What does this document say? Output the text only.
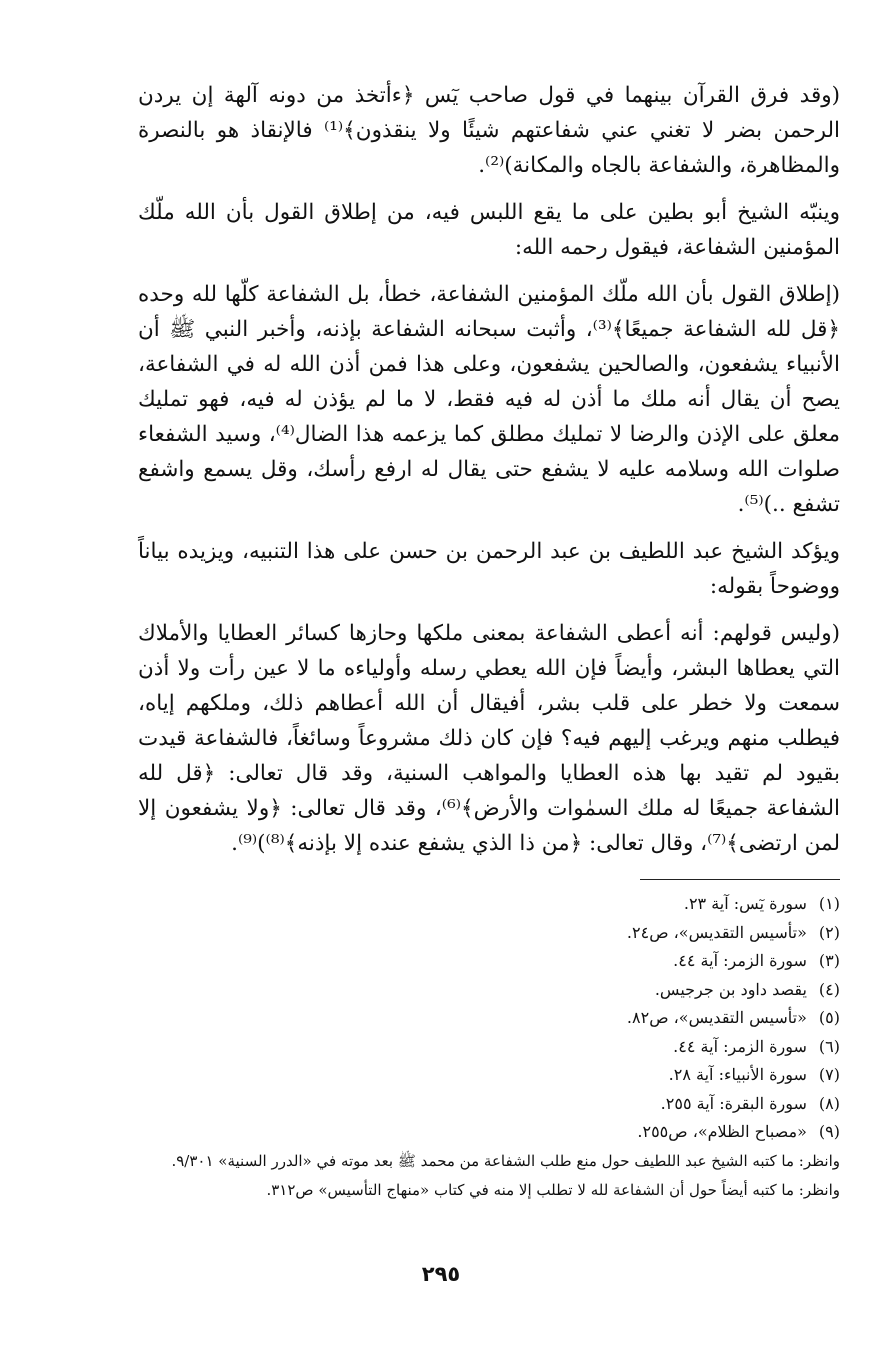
(وقد فرق القرآن بينهما في قول صاحب يٓس ﴿ءأتخذ من دونه آلهة إن يردن الرحمن بضر لا تغني عني شفاعتهم شيئًا ولا ينقذون﴾⁽¹⁾ فالإنقاذ هو بالنصرة والمظاهرة، والشفاعة بالجاه والمكانة)⁽²⁾.

وينبّه الشيخ أبو بطين على ما يقع اللبس فيه، من إطلاق القول بأن الله ملّك المؤمنين الشفاعة، فيقول رحمه الله:

(إطلاق القول بأن الله ملّك المؤمنين الشفاعة، خطأ، بل الشفاعة كلّها لله وحده ﴿قل لله الشفاعة جميعًا﴾⁽³⁾، وأثبت سبحانه الشفاعة بإذنه، وأخبر النبي ﷺ أن الأنبياء يشفعون، والصالحين يشفعون، وعلى هذا فمن أذن الله له في الشفاعة، يصح أن يقال أنه ملك ما أذن له فيه فقط، لا ما لم يؤذن له فيه، فهو تمليك معلق على الإذن والرضا لا تمليك مطلق كما يزعمه هذا الضال⁽⁴⁾، وسيد الشفعاء صلوات الله وسلامه عليه لا يشفع حتى يقال له ارفع رأسك، وقل يسمع واشفع تشفع ..)⁽⁵⁾.

ويؤكد الشيخ عبد اللطيف بن عبد الرحمن بن حسن على هذا التنبيه، ويزيده بياناً ووضوحاً بقوله:

(وليس قولهم: أنه أعطى الشفاعة بمعنى ملكها وحازها كسائر العطايا والأملاك التي يعطاها البشر، وأيضاً فإن الله يعطي رسله وأولياءه ما لا عين رأت ولا أذن سمعت ولا خطر على قلب بشر، أفيقال أن الله أعطاهم ذلك، وملكهم إياه، فيطلب منهم ويرغب إليهم فيه؟ فإن كان ذلك مشروعاً وسائغاً، فالشفاعة قيدت بقيود لم تقيد بها هذه العطايا والمواهب السنية، وقد قال تعالى: ﴿قل لله الشفاعة جميعًا له ملك السمٰوات والأرض﴾⁽⁶⁾، وقد قال تعالى: ﴿ولا يشفعون إلا لمن ارتضى﴾⁽⁷⁾، وقال تعالى: ﴿من ذا الذي يشفع عنده إلا بإذنه﴾⁽⁸⁾)⁽⁹⁾.

(١) سورة يٓس: آية ٢٣.
(٢) «تأسيس التقديس»، ص٢٤.
(٣) سورة الزمر: آية ٤٤.
(٤) يقصد داود بن جرجيس.
(٥) «تأسيس التقديس»، ص٨٢.
(٦) سورة الزمر: آية ٤٤.
(٧) سورة الأنبياء: آية ٢٨.
(٨) سورة البقرة: آية ٢٥٥.
(٩) «مصباح الظلام»، ص٢٥٥.

وانظر: ما كتبه الشيخ عبد اللطيف حول منع طلب الشفاعة من محمد ﷺ بعد موته في «الدرر السنية» ٩/٣٠١.

وانظر: ما كتبه أيضاً حول أن الشفاعة لله لا تطلب إلا منه في كتاب «منهاج التأسيس» ص٣١٢.

٢٩٥
